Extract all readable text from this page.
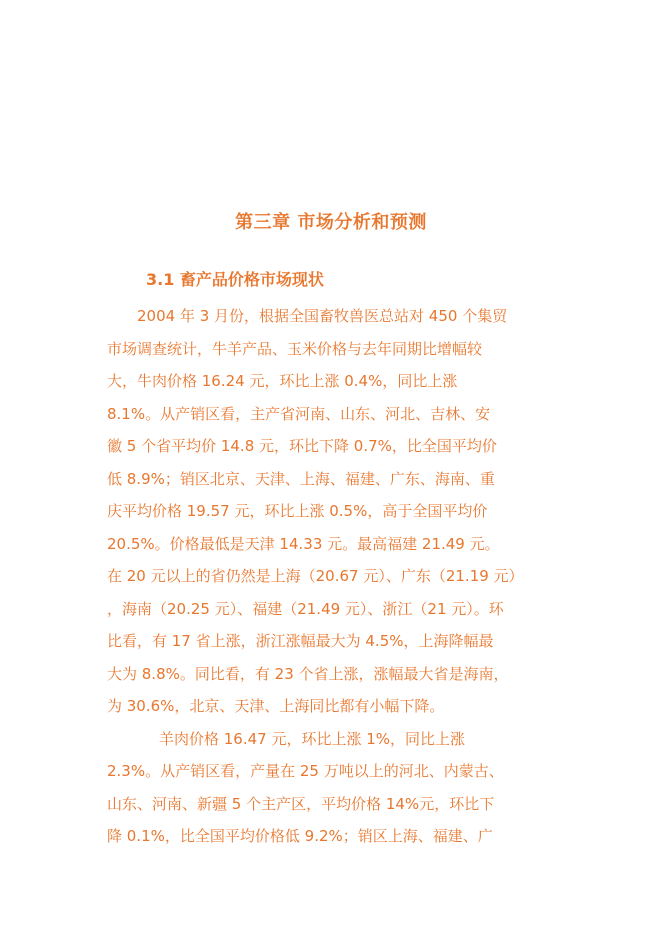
第三章 市场分析和预测
3.1 畜产品价格市场现状
2004 年 3 月份，根据全国畜牧兽医总站对 450 个集贸
市场调查统计，牛羊产品、玉米价格与去年同期比增幅较
大，牛肉价格 16.24 元，环比上涨 0.4%，同比上涨
8.1%。从产销区看，主产省河南、山东、河北、吉林、安
徽 5 个省平均价 14.8 元，环比下降 0.7%，比全国平均价
低 8.9%；销区北京、天津、上海、福建、广东、海南、重
庆平均价格 19.57 元，环比上涨 0.5%，高于全国平均价
20.5%。价格最低是天津 14.33 元。最高福建 21.49 元。
在 20 元以上的省仍然是上海（20.67 元）、广东（21.19 元）
，海南（20.25 元）、福建（21.49 元）、浙江（21 元）。环
比看，有 17 省上涨，浙江涨幅最大为 4.5%，上海降幅最
大为 8.8%。同比看，有 23 个省上涨，涨幅最大省是海南，
为 30.6%，北京、天津、上海同比都有小幅下降。
羊肉价格 16.47 元，环比上涨 1%，同比上涨
2.3%。从产销区看，产量在 25 万吨以上的河北、内蒙古、
山东、河南、新疆 5 个主产区，平均价格 14%元，环比下
降 0.1%，比全国平均价格低 9.2%；销区上海、福建、广
